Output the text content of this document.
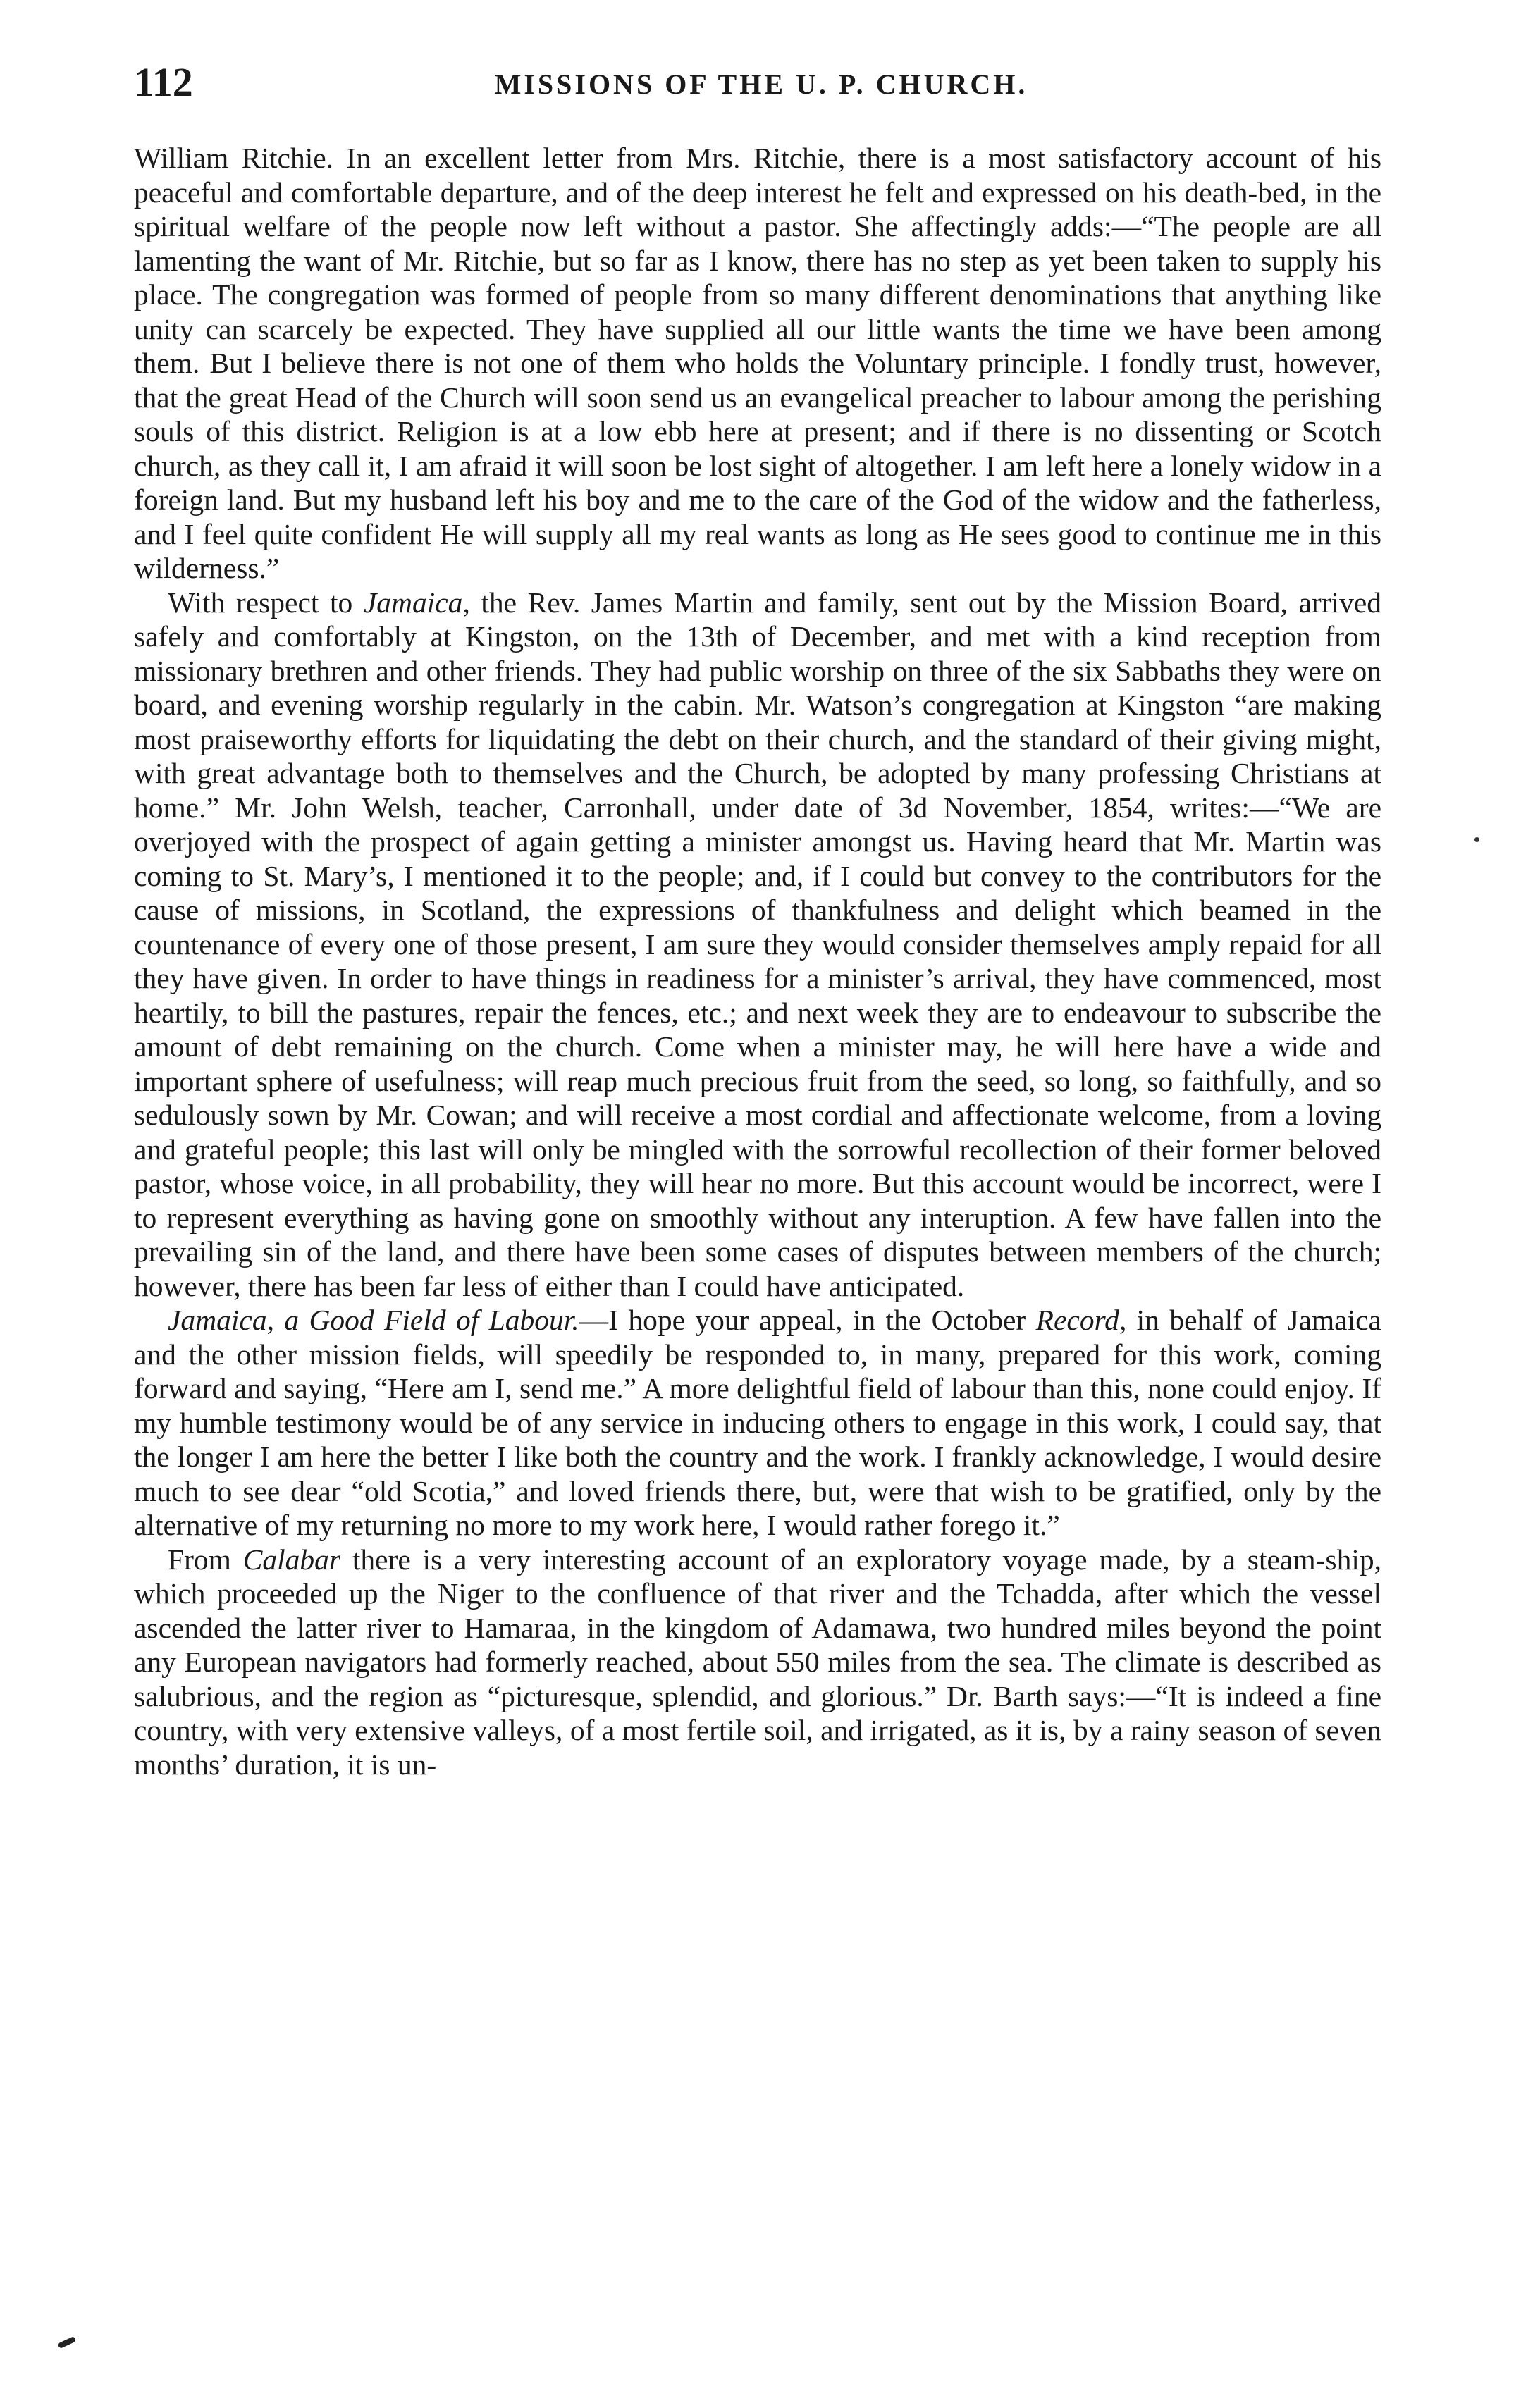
112	MISSIONS OF THE U. P. CHURCH.

William Ritchie. In an excellent letter from Mrs. Ritchie, there is a most satisfactory account of his peaceful and comfortable departure, and of the deep interest he felt and expressed on his death-bed, in the spiritual welfare of the people now left without a pastor. She affectingly adds:—“The people are all lamenting the want of Mr. Ritchie, but so far as I know, there has no step as yet been taken to supply his place. The congregation was formed of people from so many different denominations that anything like unity can scarcely be expected. They have supplied all our little wants the time we have been among them. But I believe there is not one of them who holds the Voluntary principle. I fondly trust, however, that the great Head of the Church will soon send us an evangelical preacher to labour among the perishing souls of this district. Religion is at a low ebb here at present; and if there is no dissenting or Scotch church, as they call it, I am afraid it will soon be lost sight of altogether. I am left here a lonely widow in a foreign land. But my husband left his boy and me to the care of the God of the widow and the fatherless, and I feel quite confident He will supply all my real wants as long as He sees good to continue me in this wilderness.”

With respect to Jamaica, the Rev. James Martin and family, sent out by the Mission Board, arrived safely and comfortably at Kingston, on the 13th of December, and met with a kind reception from missionary brethren and other friends. They had public worship on three of the six Sabbaths they were on board, and evening worship regularly in the cabin. Mr. Watson’s congregation at Kingston “are making most praiseworthy efforts for liquidating the debt on their church, and the standard of their giving might, with great advantage both to themselves and the Church, be adopted by many professing Christians at home.” Mr. John Welsh, teacher, Carronhall, under date of 3d November, 1854, writes:—“We are overjoyed with the prospect of again getting a minister amongst us. Having heard that Mr. Martin was coming to St. Mary’s, I mentioned it to the people; and, if I could but convey to the contributors for the cause of missions, in Scotland, the expressions of thankfulness and delight which beamed in the countenance of every one of those present, I am sure they would consider themselves amply repaid for all they have given. In order to have things in readiness for a minister’s arrival, they have commenced, most heartily, to bill the pastures, repair the fences, etc.; and next week they are to endeavour to subscribe the amount of debt remaining on the church. Come when a minister may, he will here have a wide and important sphere of usefulness; will reap much precious fruit from the seed, so long, so faithfully, and so sedulously sown by Mr. Cowan; and will receive a most cordial and affectionate welcome, from a loving and grateful people; this last will only be mingled with the sorrowful recollection of their former beloved pastor, whose voice, in all probability, they will hear no more. But this account would be incorrect, were I to represent everything as having gone on smoothly without any interuption. A few have fallen into the prevailing sin of the land, and there have been some cases of disputes between members of the church; however, there has been far less of either than I could have anticipated.

Jamaica, a Good Field of Labour.—I hope your appeal, in the October Record, in behalf of Jamaica and the other mission fields, will speedily be responded to, in many, prepared for this work, coming forward and saying, “Here am I, send me.” A more delightful field of labour than this, none could enjoy. If my humble testimony would be of any service in inducing others to engage in this work, I could say, that the longer I am here the better I like both the country and the work. I frankly acknowledge, I would desire much to see dear “old Scotia,” and loved friends there, but, were that wish to be gratified, only by the alternative of my returning no more to my work here, I would rather forego it.”

From Calabar there is a very interesting account of an exploratory voyage made, by a steam-ship, which proceeded up the Niger to the confluence of that river and the Tchadda, after which the vessel ascended the latter river to Hamaraa, in the kingdom of Adamawa, two hundred miles beyond the point any European navigators had formerly reached, about 550 miles from the sea. The climate is described as salubrious, and the region as “picturesque, splendid, and glorious.” Dr. Barth says:—“It is indeed a fine country, with very extensive valleys, of a most fertile soil, and irrigated, as it is, by a rainy season of seven months’ duration, it is un-
